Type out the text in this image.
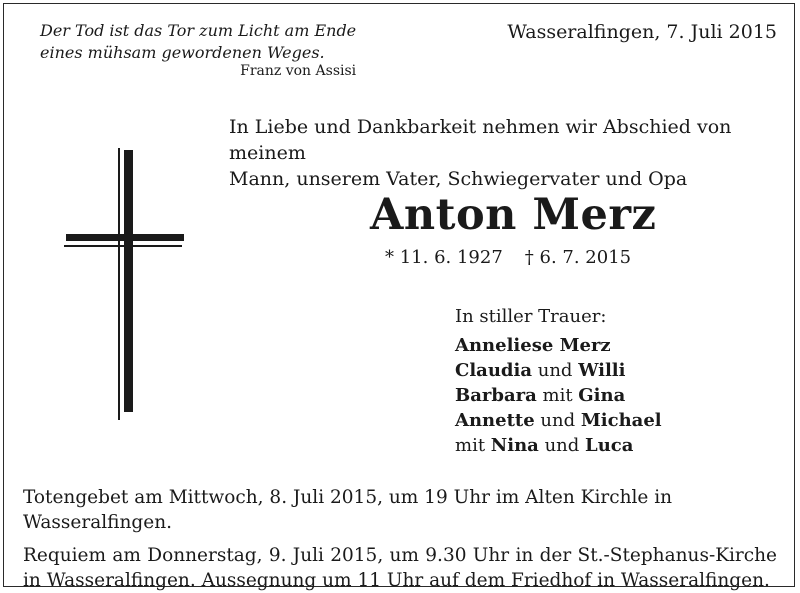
Der Tod ist das Tor zum Licht am Ende
eines mühsam gewordenen Weges.
Franz von Assisi
Wasseralfingen, 7. Juli 2015
In Liebe und Dankbarkeit nehmen wir Abschied von meinem
Mann, unserem Vater, Schwiegervater und Opa
Anton Merz
* 11. 6. 1927 † 6. 7. 2015
In stiller Trauer:
Anneliese Merz
Claudia und Willi
Barbara mit Gina
Annette und Michael
mit Nina und Luca

Totengebet am Mittwoch, 8. Juli 2015, um 19 Uhr im Alten Kirchle in Wasseralfingen.

Requiem am Donnerstag, 9. Juli 2015, um 9.30 Uhr in der St.-Stephanus-Kirche in Wasseralfingen. Aussegnung um 11 Uhr auf dem Friedhof in Wasseralfingen.
